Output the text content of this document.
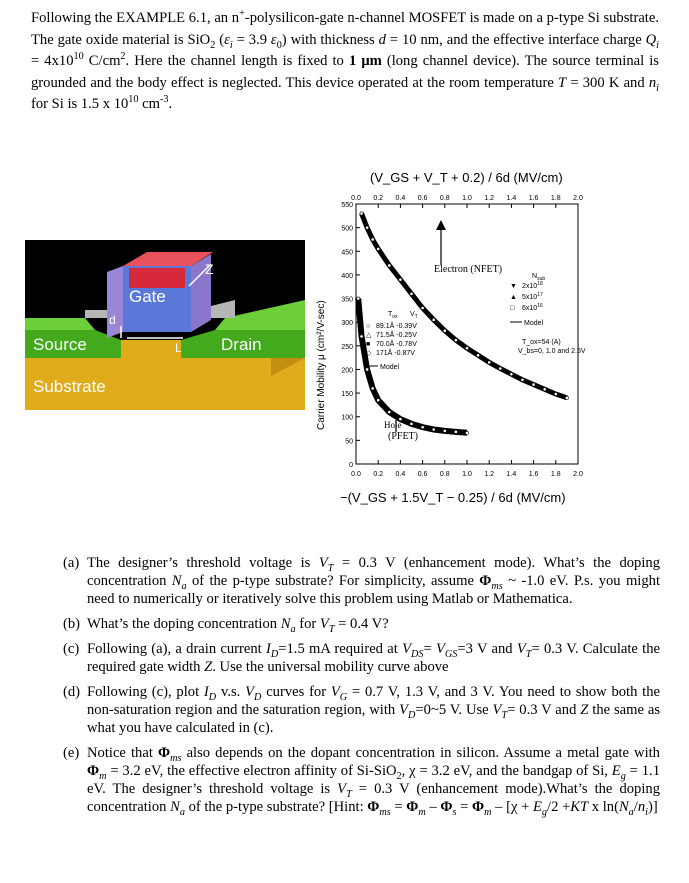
Following the EXAMPLE 6.1, an n+-polysilicon-gate n-channel MOSFET is made on a p-type Si substrate. The gate oxide material is SiO$_2$ ($\varepsilon_i = 3.9$ $\varepsilon_0$) with thickness d = 10 nm, and the effective interface charge $Q_i = 4x10^{10}$ $C/cm^2$. Here the channel length is fixed to 1 μm (long channel device). The source terminal is grounded and the body effect is neglected. This device operated at the room temperature T = 300 K and $n_i$ for Si is 1.5 x $10^{10}$ $cm^{-3}$.
Gate
Source	Drain
Substrate
Z
L
d
(V_GS + V_T + 0.2) / 6d (MV/cm)
−(V_GS + 1.5V_T − 0.25) / 6d (MV/cm)
Carrier Mobility μ (cm²/V-sec)
0
50
100
150
200
250
300
350
400
450
500
550
0.0 0.2 0.4 0.6 0.8 1.0 1.2 1.4 1.6 1.8 2.0
0.0 0.2 0.4 0.6 0.8 1.0 1.2 1.4 1.6 1.8 2.0
Electron (NFET)
Hole
(PFET)
$N_{sub}$
▼ $2x10^{18}$
▲ $5x10^{17}$
□ $6x10^{16}$
Model
T_ox=54 (A)
V_bs=0, 1.0 and 2.5V
$T_{ox}$ $V_T$
○ 89.1Å -0.39V
△ 71.5Å -0.25V
■ 70.0Å -0.78V
◇ 171Å -0.87V
Model
(a) The designer’s threshold voltage is $V_T = 0.3$ V (enhancement mode). What’s the doping concentration $N_a$ of the p-type substrate? For simplicity, assume $\Phi_{ms}$ ~ -1.0 eV. P.s. you might need to numerically or iteratively solve this problem using Matlab or Mathematica.
(b) What’s the doping concentration $N_a$ for $V_T = 0.4$ V?
(c) Following (a), a drain current $I_D=1.5$ mA required at $V_{DS}= V_{GS}=3$ V and $V_T= 0.3$ V. Calculate the required gate width Z. Use the universal mobility curve above
(d) Following (c), plot $I_D$ v.s. $V_D$ curves for $V_G = 0.7$ V, 1.3 V, and 3 V. You need to show both the non-saturation region and the saturation region, with $V_D=0\sim 5$ V. Use $V_T= 0.3$ V and Z the same as what you have calculated in (c).
(e) Notice that $\Phi_{ms}$ also depends on the dopant concentration in silicon. Assume a metal gate with $\Phi_m = 3.2$ eV, the effective electron affinity of Si-SiO$_2$, χ = 3.2 eV, and the bandgap of Si, $E_g = 1.1$ eV. The designer’s threshold voltage is $V_T = 0.3$ V (enhancement mode).What’s the doping concentration $N_a$ of the p-type substrate? [Hint: $\Phi_{ms} = \Phi_m - \Phi_s = \Phi_m - [\chi + E_g/2 +KT$ x $\ln(N_a/n_i)$]
